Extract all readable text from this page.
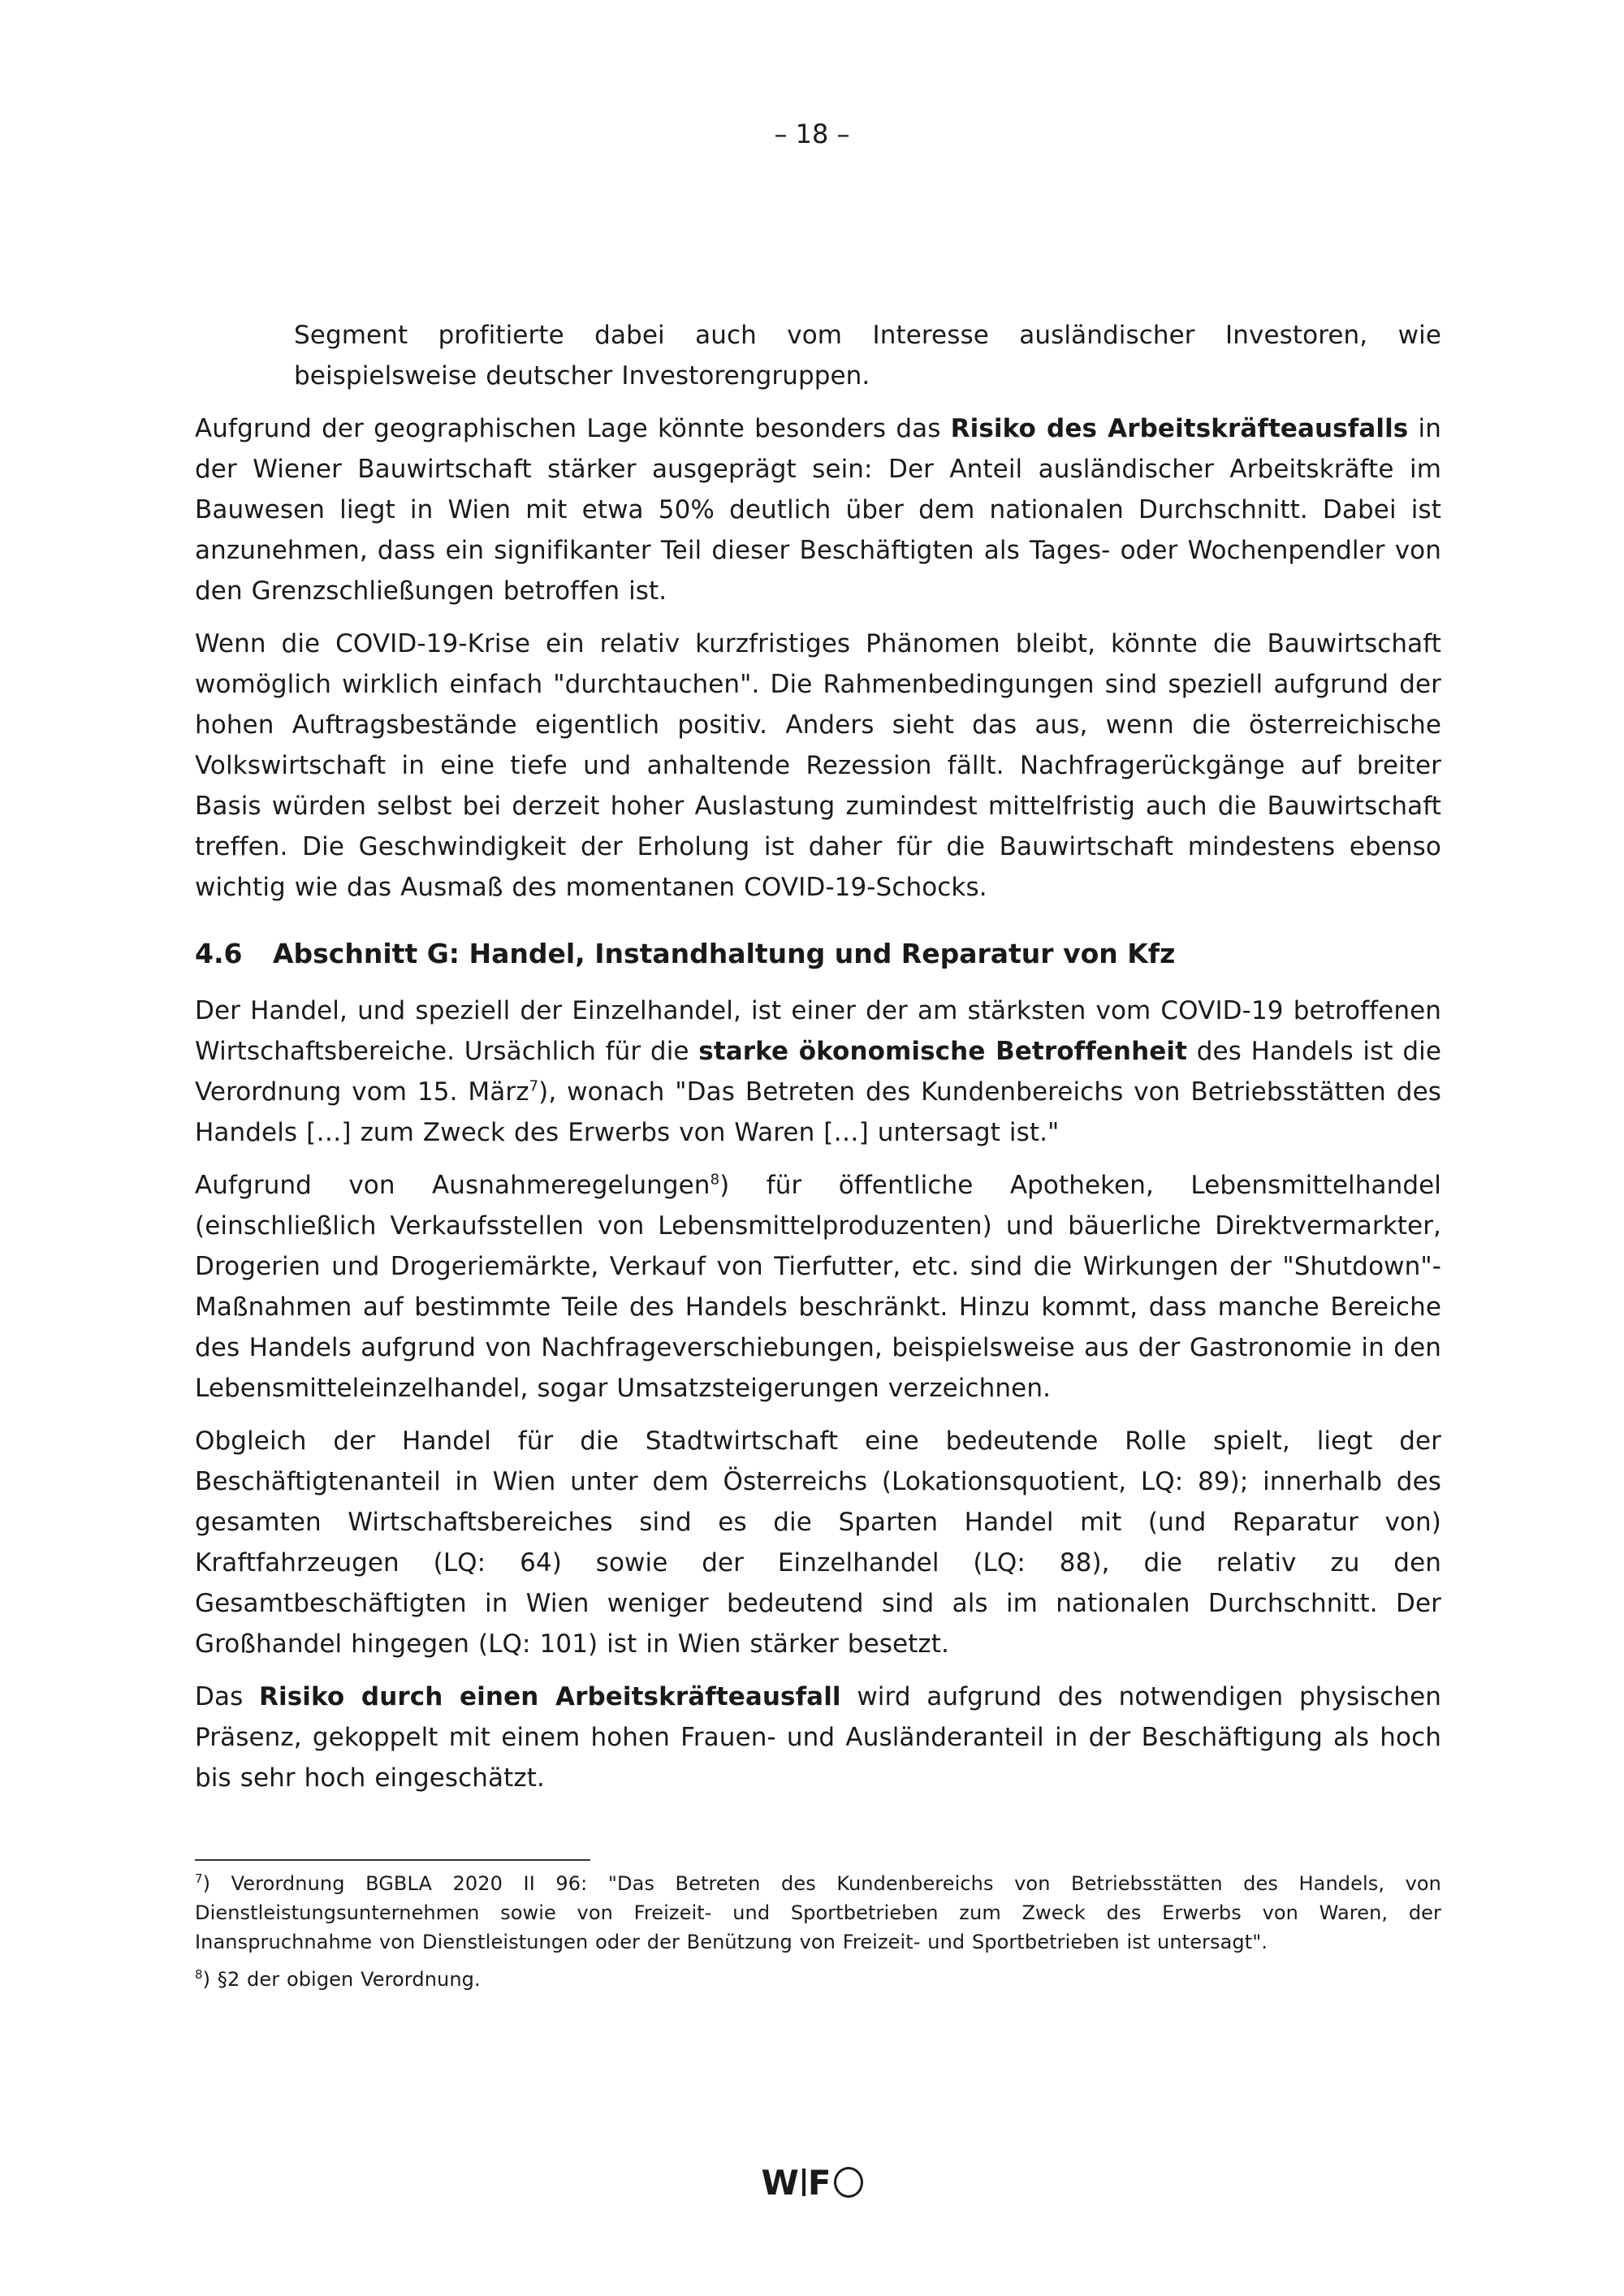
– 18 –

Segment profitierte dabei auch vom Interesse ausländischer Investoren, wie beispielsweise deutscher Investorengruppen.

Aufgrund der geographischen Lage könnte besonders das Risiko des Arbeitskräfteausfalls in der Wiener Bauwirtschaft stärker ausgeprägt sein: Der Anteil ausländischer Arbeitskräfte im Bauwesen liegt in Wien mit etwa 50% deutlich über dem nationalen Durchschnitt. Dabei ist anzunehmen, dass ein signifikanter Teil dieser Beschäftigten als Tages- oder Wochenpendler von den Grenzschließungen betroffen ist.

Wenn die COVID-19-Krise ein relativ kurzfristiges Phänomen bleibt, könnte die Bauwirtschaft womöglich wirklich einfach "durchtauchen". Die Rahmenbedingungen sind speziell aufgrund der hohen Auftragsbestände eigentlich positiv. Anders sieht das aus, wenn die österreichische Volkswirtschaft in eine tiefe und anhaltende Rezession fällt. Nachfragerückgänge auf breiter Basis würden selbst bei derzeit hoher Auslastung zumindest mittelfristig auch die Bauwirtschaft treffen. Die Geschwindigkeit der Erholung ist daher für die Bauwirtschaft mindestens ebenso wichtig wie das Ausmaß des momentanen COVID-19-Schocks.

4.6 Abschnitt G: Handel, Instandhaltung und Reparatur von Kfz

Der Handel, und speziell der Einzelhandel, ist einer der am stärksten vom COVID-19 betroffenen Wirtschaftsbereiche. Ursächlich für die starke ökonomische Betroffenheit des Handels ist die Verordnung vom 15. März$^7$), wonach "Das Betreten des Kundenbereichs von Betriebsstätten des Handels […] zum Zweck des Erwerbs von Waren […] untersagt ist."

Aufgrund von Ausnahmeregelungen$^8$) für öffentliche Apotheken, Lebensmittelhandel (einschließlich Verkaufsstellen von Lebensmittelproduzenten) und bäuerliche Direktvermarkter, Drogerien und Drogeriemärkte, Verkauf von Tierfutter, etc. sind die Wirkungen der "Shutdown"-Maßnahmen auf bestimmte Teile des Handels beschränkt. Hinzu kommt, dass manche Bereiche des Handels aufgrund von Nachfrageverschiebungen, beispielsweise aus der Gastronomie in den Lebensmitteleinzelhandel, sogar Umsatzsteigerungen verzeichnen.

Obgleich der Handel für die Stadtwirtschaft eine bedeutende Rolle spielt, liegt der Beschäftigtenanteil in Wien unter dem Österreichs (Lokationsquotient, LQ: 89); innerhalb des gesamten Wirtschaftsbereiches sind es die Sparten Handel mit (und Reparatur von) Kraftfahrzeugen (LQ: 64) sowie der Einzelhandel (LQ: 88), die relativ zu den Gesamtbeschäftigten in Wien weniger bedeutend sind als im nationalen Durchschnitt. Der Großhandel hingegen (LQ: 101) ist in Wien stärker besetzt.

Das Risiko durch einen Arbeitskräfteausfall wird aufgrund des notwendigen physischen Präsenz, gekoppelt mit einem hohen Frauen- und Ausländeranteil in der Beschäftigung als hoch bis sehr hoch eingeschätzt.

$^7$) Verordnung BGBLA 2020 II 96: "Das Betreten des Kundenbereichs von Betriebsstätten des Handels, von Dienstleistungsunternehmen sowie von Freizeit- und Sportbetrieben zum Zweck des Erwerbs von Waren, der Inanspruchnahme von Dienstleistungen oder der Benützung von Freizeit- und Sportbetrieben ist untersagt".

$^8$) §2 der obigen Verordnung.

W F
